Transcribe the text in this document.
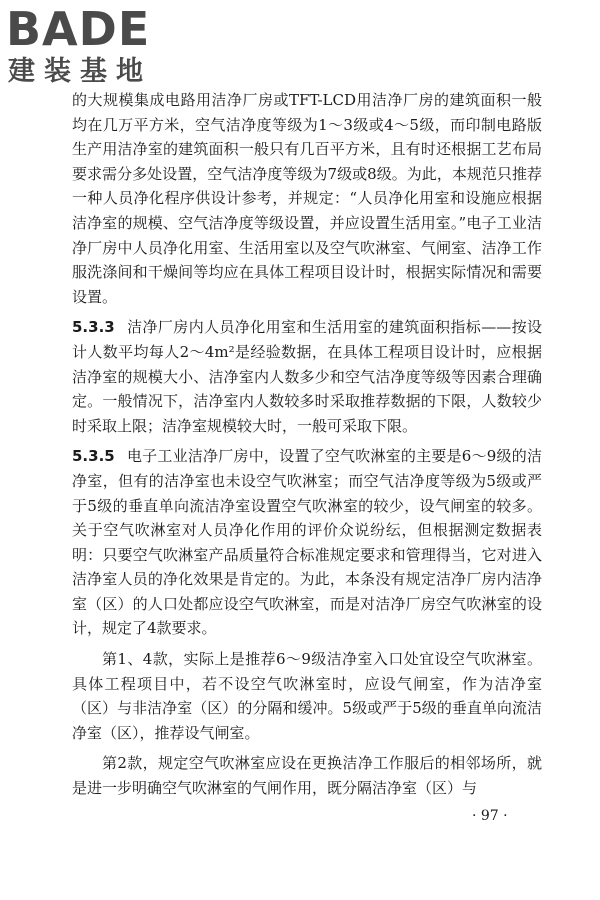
BADE
建装基地

的大规模集成电路用洁净厂房或TFT-LCD用洁净厂房的建筑面积一般均在几万平方米，空气洁净度等级为1～3级或4～5级，而印制电路版生产用洁净室的建筑面积一般只有几百平方米，且有时还根据工艺布局要求需分多处设置，空气洁净度等级为7级或8级。为此，本规范只推荐一种人员净化程序供设计参考，并规定：“人员净化用室和设施应根据洁净室的规模、空气洁净度等级设置，并应设置生活用室。”电子工业洁净厂房中人员净化用室、生活用室以及空气吹淋室、气闸室、洁净工作服洗涤间和干燥间等均应在具体工程项目设计时，根据实际情况和需要设置。

5.3.3 洁净厂房内人员净化用室和生活用室的建筑面积指标——按设计人数平均每人2～4m²是经验数据，在具体工程项目设计时，应根据洁净室的规模大小、洁净室内人数多少和空气洁净度等级等因素合理确定。一般情况下，洁净室内人数较多时采取推荐数据的下限，人数较少时采取上限；洁净室规模较大时，一般可采取下限。

5.3.5 电子工业洁净厂房中，设置了空气吹淋室的主要是6～9级的洁净室，但有的洁净室也未设空气吹淋室；而空气洁净度等级为5级或严于5级的垂直单向流洁净室设置空气吹淋室的较少，设气闸室的较多。关于空气吹淋室对人员净化作用的评价众说纷纭，但根据测定数据表明：只要空气吹淋室产品质量符合标准规定要求和管理得当，它对进入洁净室人员的净化效果是肯定的。为此，本条没有规定洁净厂房内洁净室（区）的人口处都应设空气吹淋室，而是对洁净厂房空气吹淋室的设计，规定了4款要求。

第1、4款，实际上是推荐6～9级洁净室入口处宜设空气吹淋室。具体工程项目中，若不设空气吹淋室时，应设气闸室，作为洁净室（区）与非洁净室（区）的分隔和缓冲。5级或严于5级的垂直单向流洁净室（区），推荐设气闸室。

第2款，规定空气吹淋室应设在更换洁净工作服后的相邻场所，就是进一步明确空气吹淋室的气闸作用，既分隔洁净室（区）与

· 97 ·
